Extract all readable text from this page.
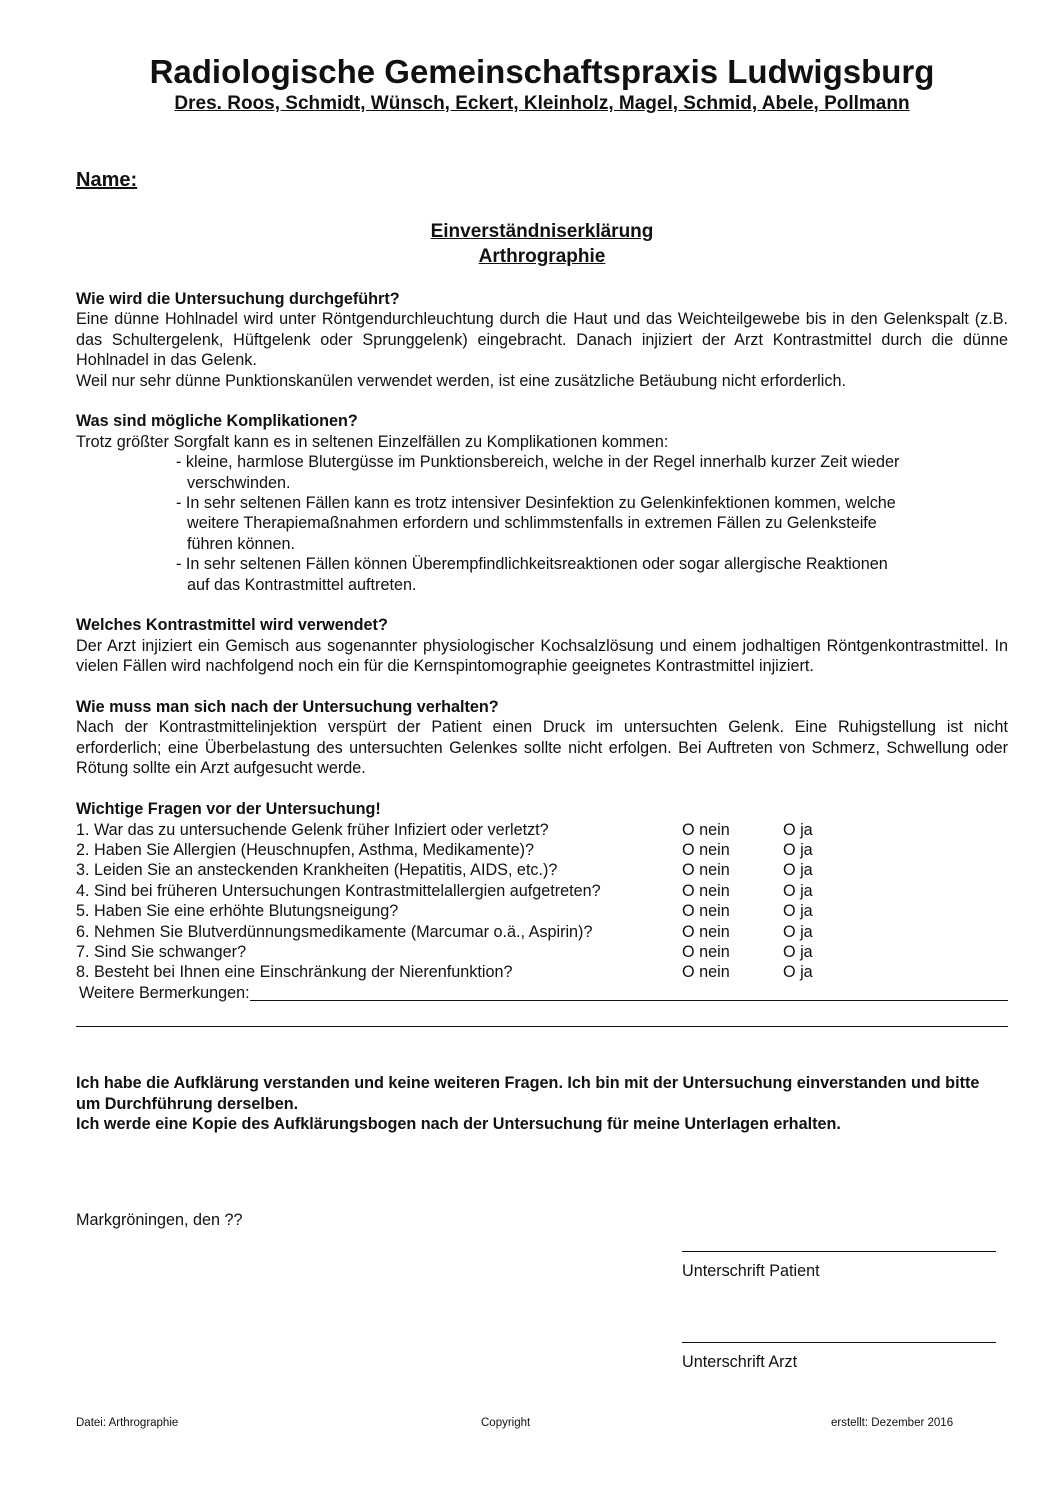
Radiologische Gemeinschaftspraxis Ludwigsburg
Dres. Roos, Schmidt, Wünsch, Eckert, Kleinholz, Magel, Schmid, Abele, Pollmann
Name:
Einverständniserklärung
Arthrographie
Wie wird die Untersuchung durchgeführt?
Eine dünne Hohlnadel wird unter Röntgendurchleuchtung durch die Haut und das Weichteilgewebe bis in den Gelenkspalt (z.B. das Schultergelenk, Hüftgelenk oder Sprunggelenk) eingebracht. Danach injiziert der Arzt Kontrastmittel durch die dünne Hohlnadel in das Gelenk.
Weil nur sehr dünne Punktionskanülen verwendet werden, ist eine zusätzliche Betäubung nicht erforderlich.
Was sind mögliche Komplikationen?
Trotz größter Sorgfalt kann es in seltenen Einzelfällen zu Komplikationen kommen:
- kleine, harmlose Blutergüsse im Punktionsbereich, welche in der Regel innerhalb kurzer Zeit wieder verschwinden.
- In sehr seltenen Fällen kann es trotz intensiver Desinfektion zu Gelenkinfektionen kommen, welche weitere Therapiemaßnahmen erfordern und schlimmstenfalls in extremen Fällen zu Gelenksteife führen können.
- In sehr seltenen Fällen können Überempfindlichkeitsreaktionen oder sogar allergische Reaktionen auf das Kontrastmittel auftreten.
Welches Kontrastmittel wird verwendet?
Der Arzt injiziert ein Gemisch aus sogenannter physiologischer Kochsalzlösung und einem jodhaltigen Röntgenkontrastmittel. In vielen Fällen wird nachfolgend noch ein für die Kernspintomographie geeignetes Kontrastmittel injiziert.
Wie muss man sich nach der Untersuchung verhalten?
Nach der Kontrastmittelinjektion verspürt der Patient einen Druck im untersuchten Gelenk. Eine Ruhigstellung ist nicht erforderlich; eine Überbelastung des untersuchten Gelenkes sollte nicht erfolgen. Bei Auftreten von Schmerz, Schwellung oder Rötung sollte ein Arzt aufgesucht werde.
Wichtige Fragen vor der Untersuchung!
1. War das zu untersuchende Gelenk früher Infiziert oder verletzt?	O nein	O ja
2. Haben Sie Allergien (Heuschnupfen, Asthma, Medikamente)?	O nein	O ja
3. Leiden Sie an ansteckenden Krankheiten (Hepatitis, AIDS, etc.)?	O nein	O ja
4. Sind bei früheren Untersuchungen Kontrastmittelallergien aufgetreten?	O nein	O ja
5. Haben Sie eine erhöhte Blutungsneigung?	O nein	O ja
6. Nehmen Sie Blutverdünnungsmedikamente (Marcumar o.ä., Aspirin)?	O nein	O ja
7. Sind Sie schwanger?	O nein	O ja
8. Besteht bei Ihnen eine Einschränkung der Nierenfunktion?	O nein	O ja
Weitere Bermerkungen:
Ich habe die Aufklärung verstanden und keine weiteren Fragen. Ich bin mit der Untersuchung einverstanden und bitte um Durchführung derselben.
Ich werde eine Kopie des Aufklärungsbogen nach der Untersuchung für meine Unterlagen erhalten.
Markgröningen, den ??
Unterschrift Patient
Unterschrift Arzt
Datei: Arthrographie	Copyright	erstellt: Dezember 2016
